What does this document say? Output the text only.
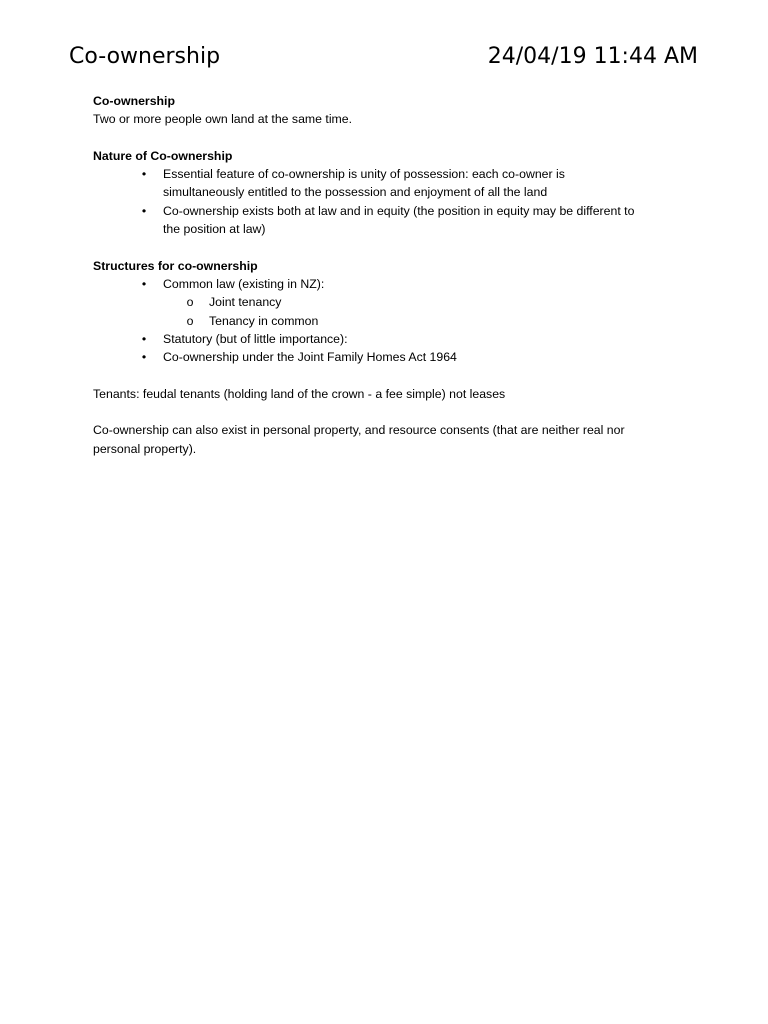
Co-ownership	24/04/19 11:44 AM

Co-ownership

Two or more people own land at the same time.

Nature of Co-ownership

• Essential feature of co-ownership is unity of possession: each co-owner is

simultaneously entitled to the possession and enjoyment of all the land

• Co-ownership exists both at law and in equity (the position in equity may be different to

the position at law)

Structures for co-ownership

• Common law (existing in NZ):

o Joint tenancy

o Tenancy in common

• Statutory (but of little importance):

• Co-ownership under the Joint Family Homes Act 1964

Tenants: feudal tenants (holding land of the crown - a fee simple) not leases

Co-ownership can also exist in personal property, and resource consents (that are neither real nor

personal property).
